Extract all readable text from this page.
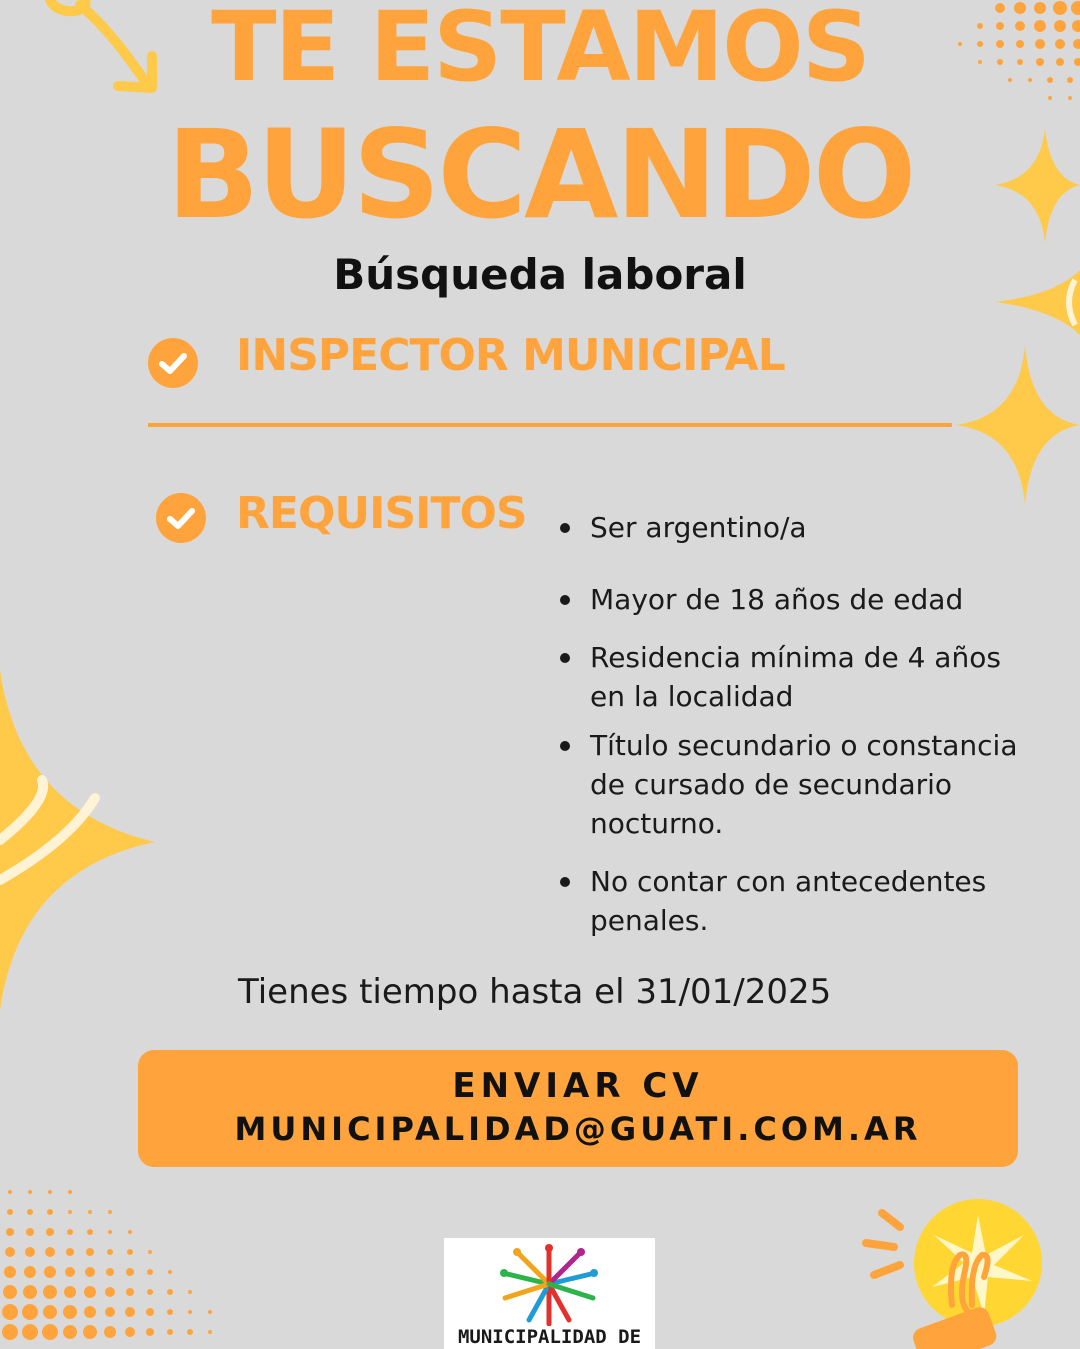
TE ESTAMOS
BUSCANDO
Búsqueda laboral
INSPECTOR MUNICIPAL
REQUISITOS	Ser argentino/a
Mayor de 18 años de edad
Residencia mínima de 4 años en la localidad
Título secundario o constancia de cursado de secundario nocturno.
No contar con antecedentes penales.
Tienes tiempo hasta el 31/01/2025
ENVIAR CV
MUNICIPALIDAD@GUATI.COM.AR
MUNICIPALIDAD DE
